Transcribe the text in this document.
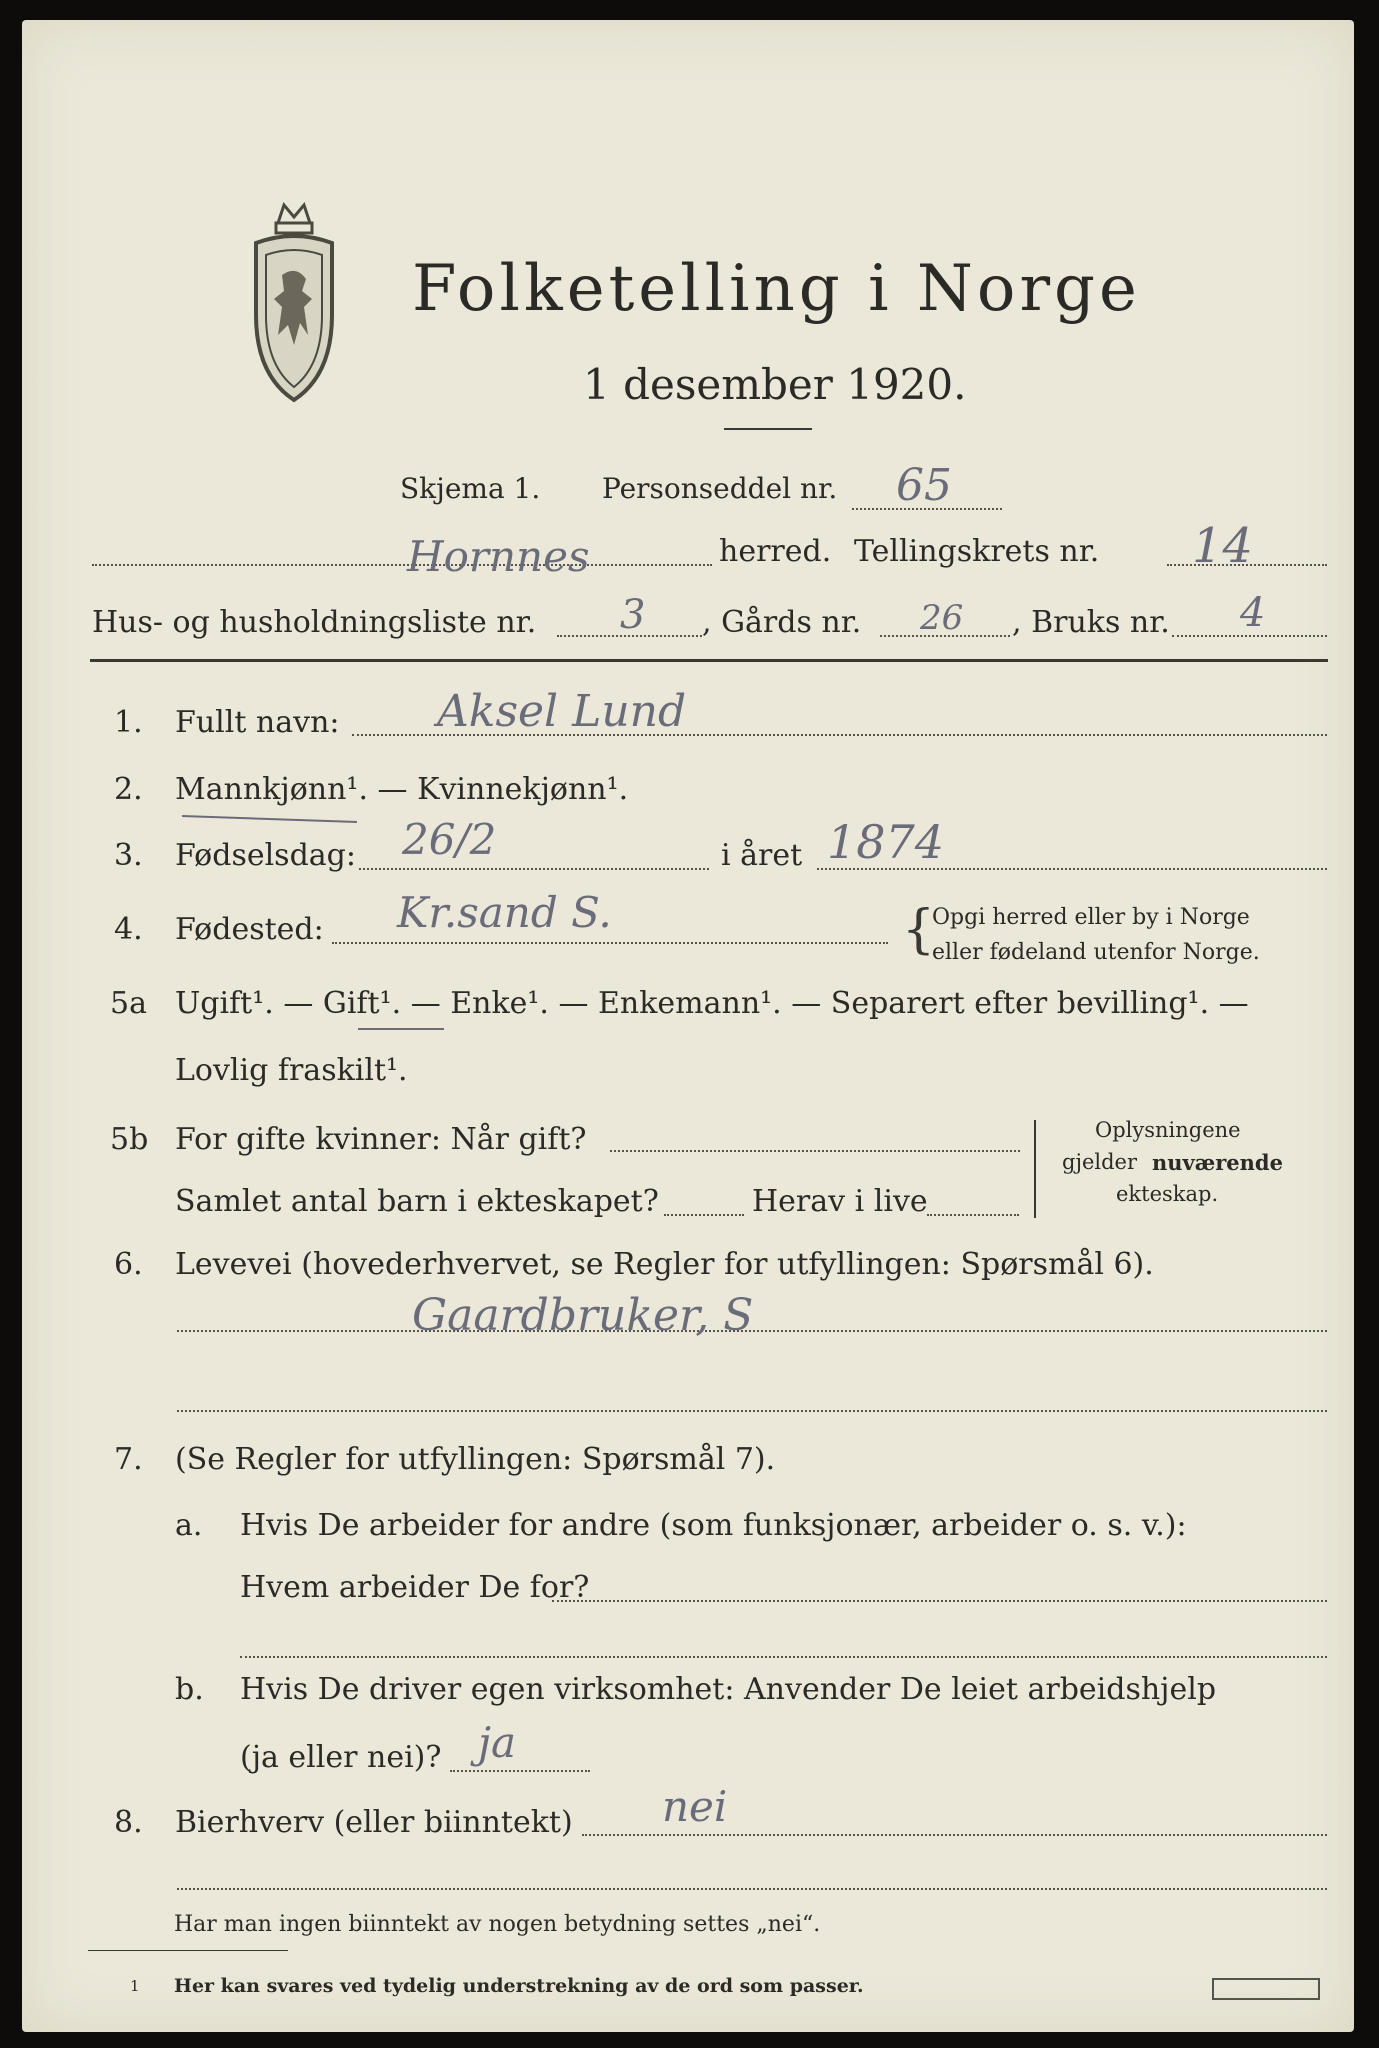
Folketelling i Norge
1 desember 1920.
Skjema 1. Personseddel nr. 65
Hornnes	herred. Tellingskrets nr. 14
Hus- og husholdningsliste nr. 3 , Gårds nr. 26 , Bruks nr. 4
1. Fullt navn: Aksel Lund
2. Mannkjønn¹. — Kvinnekjønn¹.
3. Fødselsdag: 26/2	i året 1874
4. Fødested: Kr.sand S.	{
Opgi herred eller by i Norge
eller fødeland utenfor Norge.
5a Ugift¹. — Gift¹. — Enke¹. — Enkemann¹. — Separert efter bevilling¹. —
Lovlig fraskilt¹.
5b For gifte kvinner: Når gift?
Samlet antal barn i ekteskapet?	Herav i live
Oplysningene
gjelder nuværende
ekteskap.
6. Levevei (hovederhvervet, se Regler for utfyllingen: Spørsmål 6).
Gaardbruker, S
7. (Se Regler for utfyllingen: Spørsmål 7).
a. Hvis De arbeider for andre (som funksjonær, arbeider o. s. v.):
Hvem arbeider De for?
b. Hvis De driver egen virksomhet: Anvender De leiet arbeidshjelp
(ja eller nei)? ja
8. Bierhverv (eller biinntekt) nei
Har man ingen biinntekt av nogen betydning settes „nei“.
1 Her kan svares ved tydelig understrekning av de ord som passer.
